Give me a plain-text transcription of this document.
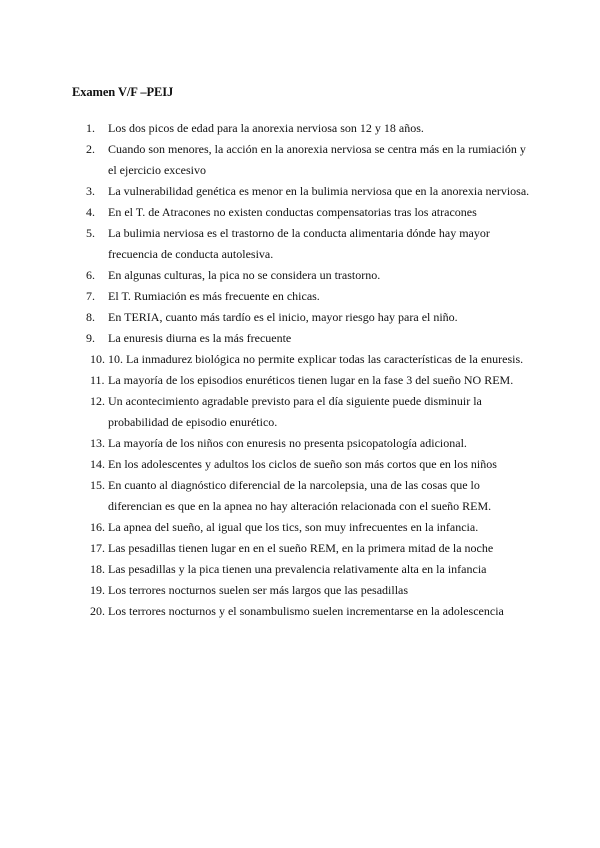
Examen V/F –PEIJ
1.	Los dos picos de edad para la anorexia nerviosa son 12 y 18 años.
2.	Cuando son menores, la acción en la anorexia nerviosa se centra más en la rumiación y el ejercicio excesivo
3.	La vulnerabilidad genética es menor en la bulimia nerviosa que en la anorexia nerviosa.
4.	En el T. de Atracones no existen conductas compensatorias tras los atracones
5.	La bulimia nerviosa es el trastorno de la conducta alimentaria dónde hay mayor frecuencia de conducta autolesiva.
6.	En algunas culturas, la pica no se considera un trastorno.
7.	El T. Rumiación es más frecuente en chicas.
8.	En TERIA, cuanto más tardío es el inicio, mayor riesgo hay para el niño.
9.	La enuresis diurna es la más frecuente
10. 10. La inmadurez biológica no permite explicar todas las características de la enuresis.
11. La mayoría de los episodios enuréticos tienen lugar en la fase 3 del sueño NO REM.
12. Un acontecimiento agradable previsto para el día siguiente puede disminuir la probabilidad de episodio enurético.
13. La mayoría de los niños con enuresis no presenta psicopatología adicional.
14. En los adolescentes y adultos los ciclos de sueño son más cortos que en los niños
15. En cuanto al diagnóstico diferencial de la narcolepsia, una de las cosas que lo diferencian es que en la apnea no hay alteración relacionada con el sueño REM.
16. La apnea del sueño, al igual que los tics, son muy infrecuentes en la infancia.
17. Las pesadillas tienen lugar en en el sueño REM, en la primera mitad de la noche
18. Las pesadillas y la pica tienen una prevalencia relativamente alta en la infancia
19. Los terrores nocturnos suelen ser más largos que las pesadillas
20. Los terrores nocturnos y el sonambulismo suelen incrementarse en la adolescencia
